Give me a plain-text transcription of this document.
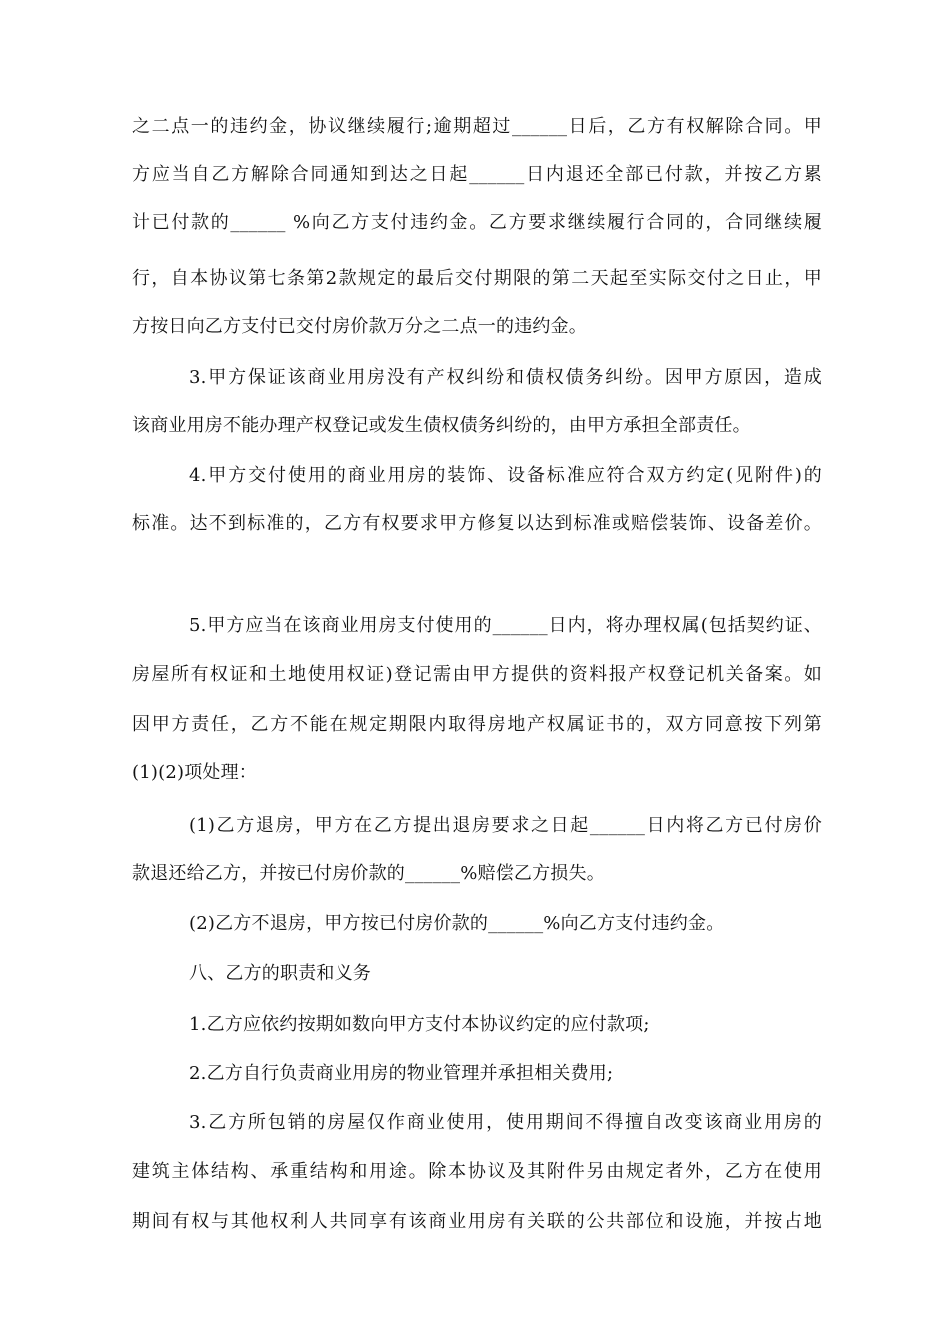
之二点一的违约金，协议继续履行;逾期超过______日后，乙方有权解除合同。甲

方应当自乙方解除合同通知到达之日起______日内退还全部已付款，并按乙方累

计已付款的______ %向乙方支付违约金。乙方要求继续履行合同的，合同继续履

行，自本协议第七条第2款规定的最后交付期限的第二天起至实际交付之日止，甲

方按日向乙方支付已交付房价款万分之二点一的违约金。

3.甲方保证该商业用房没有产权纠纷和债权债务纠纷。因甲方原因，造成

该商业用房不能办理产权登记或发生债权债务纠纷的，由甲方承担全部责任。

4.甲方交付使用的商业用房的装饰、设备标准应符合双方约定(见附件)的

标准。达不到标准的，乙方有权要求甲方修复以达到标准或赔偿装饰、设备差价。

5.甲方应当在该商业用房支付使用的______日内，将办理权属(包括契约证、

房屋所有权证和土地使用权证)登记需由甲方提供的资料报产权登记机关备案。如

因甲方责任，乙方不能在规定期限内取得房地产权属证书的，双方同意按下列第

(1)(2)项处理：

(1)乙方退房，甲方在乙方提出退房要求之日起______日内将乙方已付房价

款退还给乙方，并按已付房价款的______%赔偿乙方损失。

(2)乙方不退房，甲方按已付房价款的______%向乙方支付违约金。

八、乙方的职责和义务

1.乙方应依约按期如数向甲方支付本协议约定的应付款项;

2.乙方自行负责商业用房的物业管理并承担相关费用;

3.乙方所包销的房屋仅作商业使用，使用期间不得擅自改变该商业用房的

建筑主体结构、承重结构和用途。除本协议及其附件另由规定者外，乙方在使用

期间有权与其他权利人共同享有该商业用房有关联的公共部位和设施，并按占地
